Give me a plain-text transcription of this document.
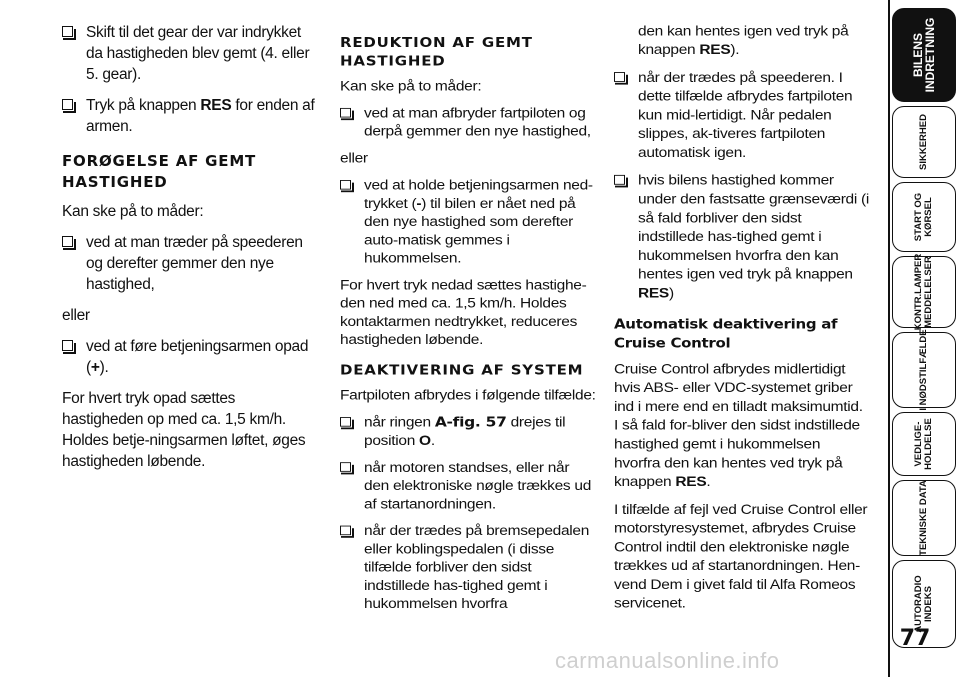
Skift til det gear der var indrykket da hastigheden blev gemt (4. eller 5. gear).
Tryk på knappen RES for enden af armen.
FORØGELSE AF GEMT HASTIGHED
Kan ske på to måder:
ved at man træder på speederen og derefter gemmer den nye hastighed,
eller
ved at føre betjeningsarmen opad (+).
For hvert tryk opad sættes hastigheden op med ca. 1,5 km/h. Holdes betje-ningsarmen løftet, øges hastigheden løbende.
REDUKTION AF GEMT HASTIGHED
Kan ske på to måder:
ved at man afbryder fartpiloten og derpå gemmer den nye hastighed,
eller
ved at holde betjeningsarmen ned-trykket (-) til bilen er nået ned på den nye hastighed som derefter auto-matisk gemmes i hukommelsen.
For hvert tryk nedad sættes hastighe-den ned med ca. 1,5 km/h. Holdes kontaktarmen nedtrykket, reduceres hastigheden løbende.
DEAKTIVERING AF SYSTEM
Fartpiloten afbrydes i følgende tilfælde:
når ringen A-fig. 57 drejes til position O.
når motoren standses, eller når den elektroniske nøgle trækkes ud af startanordningen.
når der trædes på bremsepedalen eller koblingspedalen (i disse tilfælde forbliver den sidst indstillede has-tighed gemt i hukommelsen hvorfra
den kan hentes igen ved tryk på knappen RES).
når der trædes på speederen. I dette tilfælde afbrydes fartpiloten kun mid-lertidigt. Når pedalen slippes, ak-tiveres fartpiloten automatisk igen.
hvis bilens hastighed kommer under den fastsatte grænseværdi (i så fald forbliver den sidst indstillede has-tighed gemt i hukommelsen hvorfra den kan hentes igen ved tryk på knappen RES)
Automatisk deaktivering af Cruise Control
Cruise Control afbrydes midlertidigt hvis ABS- eller VDC-systemet griber ind i mere end en tilladt maksimumtid. I så fald for-bliver den sidst indstillede hastighed gemt i hukommelsen hvorfra den kan hentes ved tryk på knappen RES.
I tilfælde af fejl ved Cruise Control eller motorstyresystemet, afbrydes Cruise Control indtil den elektroniske nøgle trækkes ud af startanordningen. Hen-vend Dem i givet fald til Alfa Romeos servicenet.
BILENS
INDRETNING
SIKKERHED
START OG
KØRSEL
KONTR.LAMPER
MEDDELELSER
I NØDSTILFÆLDE
VEDLIGE-
HOLDELSE
TEKNISKE DATA
AUTORADIO
INDEKS
77
carmanualsonline.info
